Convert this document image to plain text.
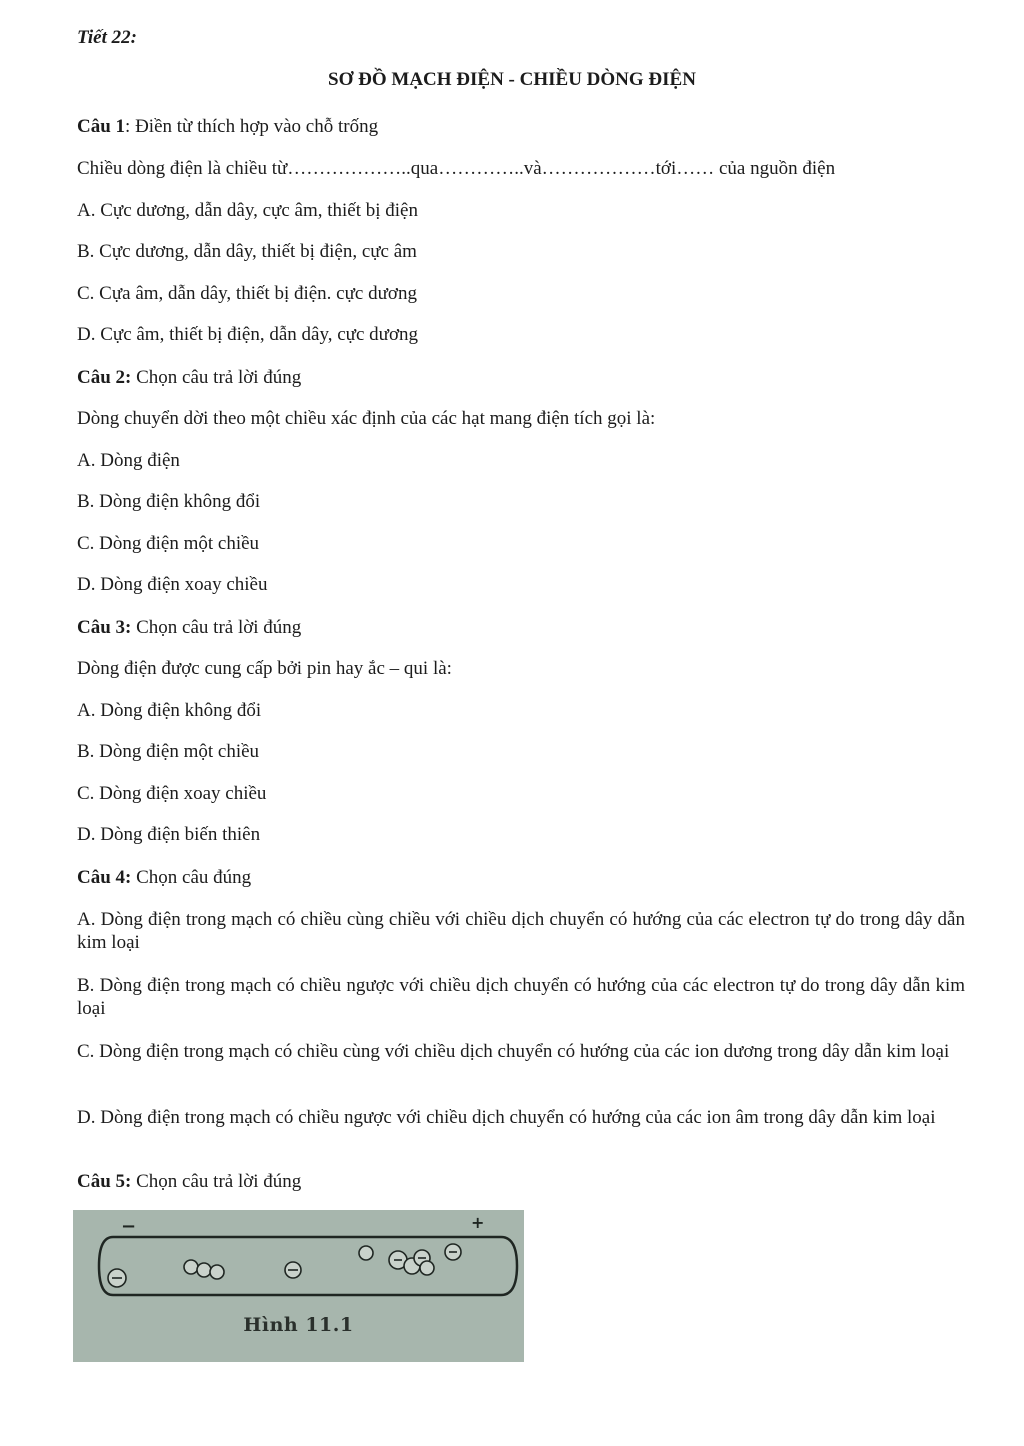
Tiết 22:
SƠ ĐỒ MẠCH ĐIỆN - CHIỀU DÒNG ĐIỆN
Câu 1: Điền từ thích hợp vào chỗ trống
Chiều dòng điện là chiều từ………………..qua…………..và………………tới…… của nguồn điện
A. Cực dương, dẫn dây, cực âm, thiết bị điện
B. Cực dương, dẫn dây, thiết bị điện, cực âm
C. Cựa âm, dẫn dây, thiết bị điện. cực dương
D. Cực âm, thiết bị điện, dẫn dây, cực dương
Câu 2: Chọn câu trả lời đúng
Dòng chuyển dời theo một chiều xác định của các hạt mang điện tích gọi là:
A. Dòng điện
B. Dòng điện không đổi
C. Dòng điện một chiều
D. Dòng điện xoay chiều
Câu 3: Chọn câu trả lời đúng
Dòng điện được cung cấp bởi pin hay ắc – qui là:
A. Dòng điện không đổi
B. Dòng điện một chiều
C. Dòng điện xoay chiều
D. Dòng điện biến thiên
Câu 4: Chọn câu đúng
A. Dòng điện trong mạch có chiều cùng chiều với chiều dịch chuyển có hướng của các electron tự do trong dây dẫn kim loại
B. Dòng điện trong mạch có chiều ngược với chiều dịch chuyển có hướng của các electron tự do trong dây dẫn kim loại
C. Dòng điện trong mạch có chiều cùng với chiều dịch chuyển có hướng của các ion dương trong dây dẫn kim loại
D. Dòng điện trong mạch có chiều ngược với chiều dịch chuyển có hướng của các ion âm trong dây dẫn kim loại
Câu 5: Chọn câu trả lời đúng
−	+
Hình 11.1
